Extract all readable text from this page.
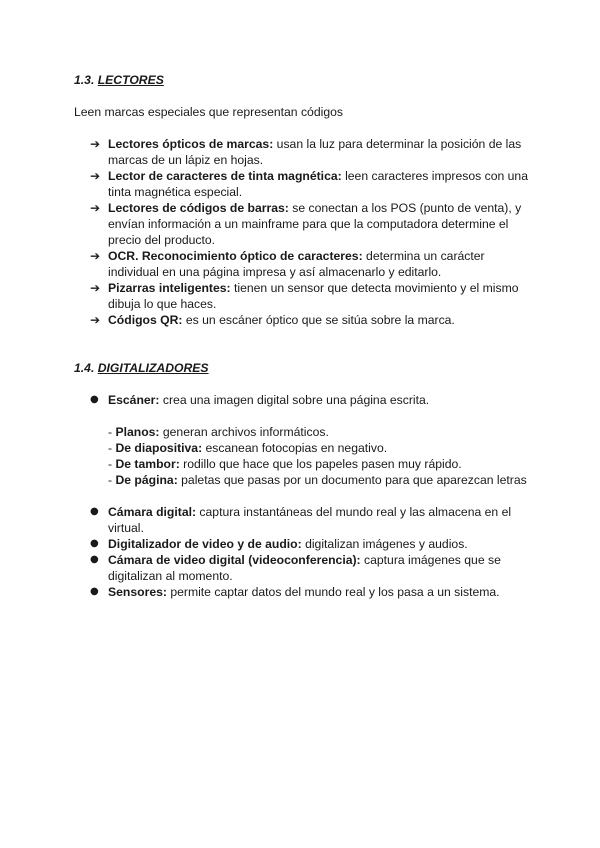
1.3. LECTORES

Leen marcas especiales que representan códigos

➔ Lectores ópticos de marcas: usan la luz para determinar la posición de las marcas de un lápiz en hojas.
➔ Lector de caracteres de tinta magnética: leen caracteres impresos con una tinta magnética especial.
➔ Lectores de códigos de barras: se conectan a los POS (punto de venta), y envían información a un mainframe para que la computadora determine el precio del producto.
➔ OCR. Reconocimiento óptico de caracteres: determina un carácter individual en una página impresa y así almacenarlo y editarlo.
➔ Pizarras inteligentes: tienen un sensor que detecta movimiento y el mismo dibuja lo que haces.
➔ Códigos QR: es un escáner óptico que se sitúa sobre la marca.
1.4. DIGITALIZADORES
● Escáner: crea una imagen digital sobre una página escrita.
- Planos: generan archivos informáticos.
- De diapositiva: escanean fotocopias en negativo.
- De tambor: rodillo que hace que los papeles pasen muy rápido.
- De página: paletas que pasas por un documento para que aparezcan letras
● Cámara digital: captura instantáneas del mundo real y las almacena en el virtual.
● Digitalizador de video y de audio: digitalizan imágenes y audios.
● Cámara de video digital (videoconferencia): captura imágenes que se digitalizan al momento.
● Sensores: permite captar datos del mundo real y los pasa a un sistema.
